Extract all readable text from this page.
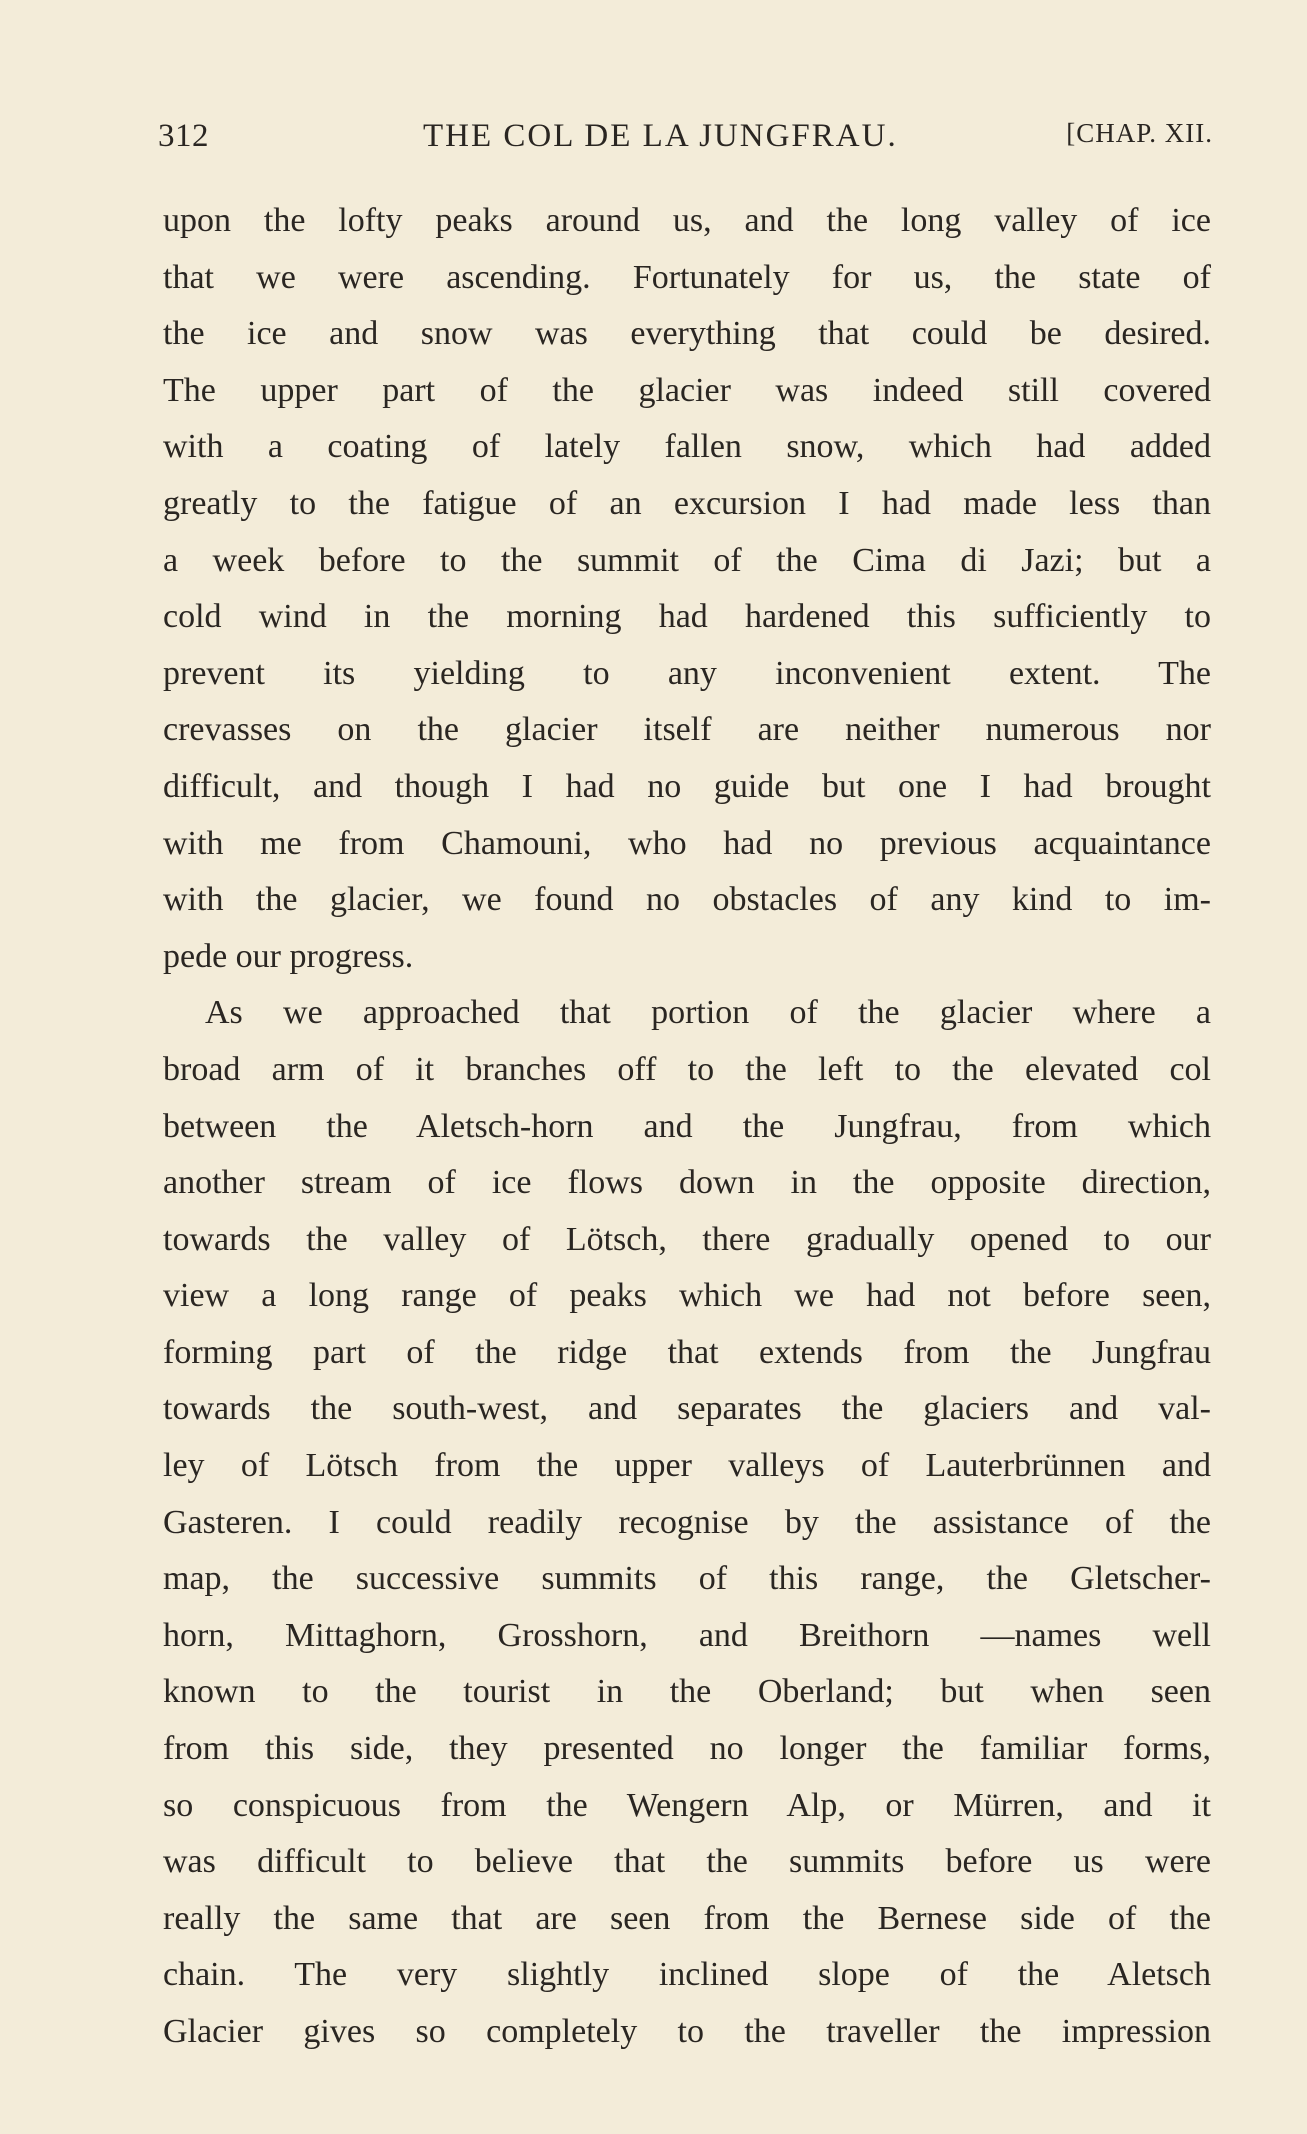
312	THE COL DE LA JUNGFRAU.	[CHAP. XII.
upon the lofty peaks around us, and the long valley of ice
that we were ascending. Fortunately for us, the state of
the ice and snow was everything that could be desired.
The upper part of the glacier was indeed still covered
with a coating of lately fallen snow, which had added
greatly to the fatigue of an excursion I had made less than
a week before to the summit of the Cima di Jazi; but a
cold wind in the morning had hardened this sufficiently to
prevent its yielding to any inconvenient extent. The
crevasses on the glacier itself are neither numerous nor
difficult, and though I had no guide but one I had brought
with me from Chamouni, who had no previous acquaintance
with the glacier, we found no obstacles of any kind to im-
pede our progress.
As we approached that portion of the glacier where a
broad arm of it branches off to the left to the elevated col
between the Aletsch-horn and the Jungfrau, from which
another stream of ice flows down in the opposite direction,
towards the valley of Lötsch, there gradually opened to our
view a long range of peaks which we had not before seen,
forming part of the ridge that extends from the Jungfrau
towards the south-west, and separates the glaciers and val-
ley of Lötsch from the upper valleys of Lauterbrünnen and
Gasteren. I could readily recognise by the assistance of the
map, the successive summits of this range, the Gletscher-
horn, Mittaghorn, Grosshorn, and Breithorn —names well
known to the tourist in the Oberland; but when seen
from this side, they presented no longer the familiar forms,
so conspicuous from the Wengern Alp, or Mürren, and it
was difficult to believe that the summits before us were
really the same that are seen from the Bernese side of the
chain. The very slightly inclined slope of the Aletsch
Glacier gives so completely to the traveller the impression
